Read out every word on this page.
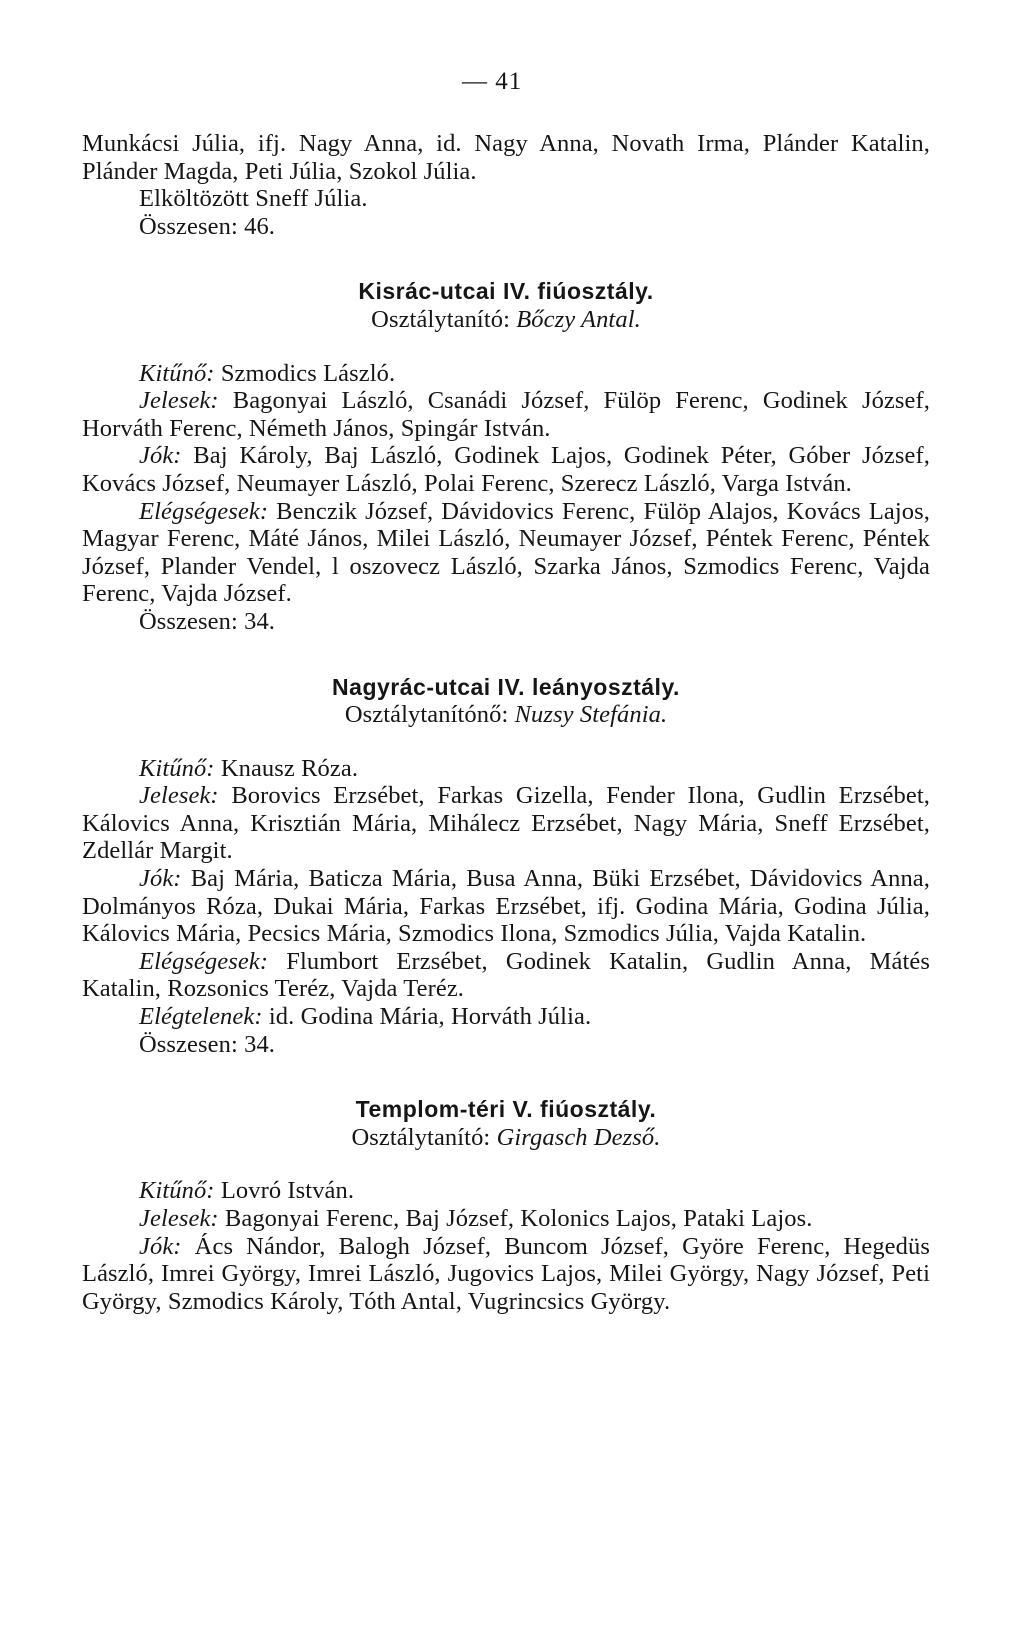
— 41

Munkácsi Júlia, ifj. Nagy Anna, id. Nagy Anna, Novath Irma, Plánder Katalin, Plánder Magda, Peti Júlia, Szokol Júlia.

Elköltözött Sneff Júlia.

Összesen: 46.

Kisrác-utcai IV. fiúosztály.

Osztálytanító: Bőczy Antal.

Kitűnő: Szmodics László.

Jelesek: Bagonyai László, Csanádi József, Fülöp Ferenc, Godinek József, Horváth Ferenc, Németh János, Spingár István.

Jók: Baj Károly, Baj László, Godinek Lajos, Godinek Péter, Góber József, Kovács József, Neumayer László, Polai Ferenc, Szerecz László, Varga István.

Elégségesek: Benczik József, Dávidovics Ferenc, Fülöp Alajos, Kovács Lajos, Magyar Ferenc, Máté János, Milei László, Neumayer József, Péntek Ferenc, Péntek József, Plander Vendel, l oszovecz László, Szarka János, Szmodics Ferenc, Vajda Ferenc, Vajda József.

Összesen: 34.

Nagyrác-utcai IV. leányosztály.

Osztálytanítónő: Nuzsy Stefánia.

Kitűnő: Knausz Róza.

Jelesek: Borovics Erzsébet, Farkas Gizella, Fender Ilona, Gudlin Erzsébet, Kálovics Anna, Krisztián Mária, Mihálecz Erzsébet, Nagy Mária, Sneff Erzsébet, Zdellár Margit.

Jók: Baj Mária, Baticza Mária, Busa Anna, Büki Erzsébet, Dávidovics Anna, Dolmányos Róza, Dukai Mária, Farkas Erzsébet, ifj. Godina Mária, Godina Júlia, Kálovics Mária, Pecsics Mária, Szmodics Ilona, Szmodics Júlia, Vajda Katalin.

Elégségesek: Flumbort Erzsébet, Godinek Katalin, Gudlin Anna, Mátés Katalin, Rozsonics Teréz, Vajda Teréz.

Elégtelenek: id. Godina Mária, Horváth Júlia.

Összesen: 34.

Templom-téri V. fiúosztály.

Osztálytanító: Girgasch Dezső.

Kitűnő: Lovró István.

Jelesek: Bagonyai Ferenc, Baj József, Kolonics Lajos, Pataki Lajos.

Jók: Ács Nándor, Balogh József, Buncom József, Györe Ferenc, Hegedüs László, Imrei György, Imrei László, Jugovics Lajos, Milei György, Nagy József, Peti György, Szmodics Károly, Tóth Antal, Vugrincsics György.
